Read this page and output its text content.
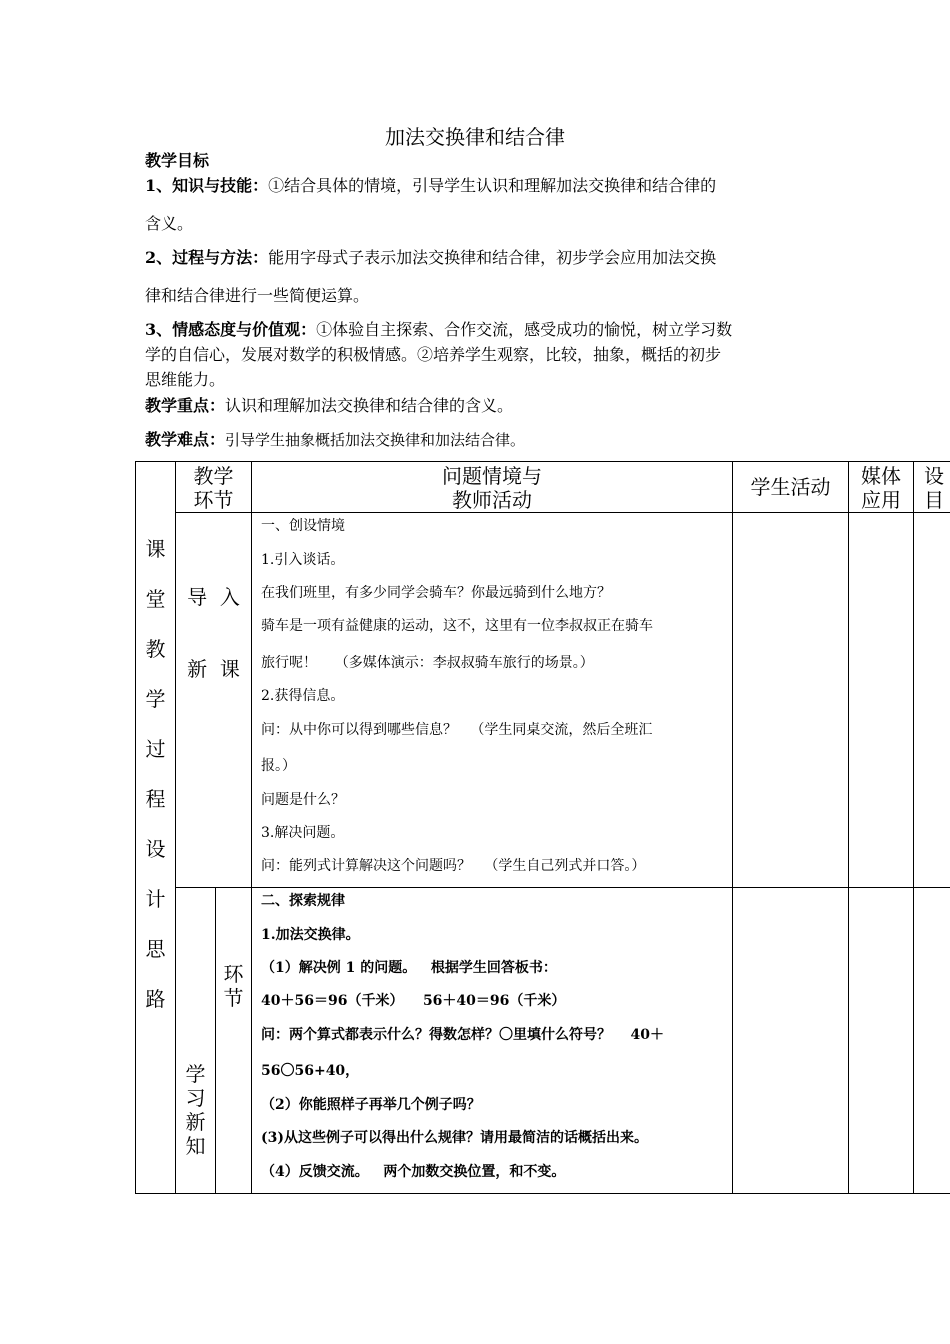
加法交换律和结合律
教学目标
1、知识与技能：①结合具体的情境，引导学生认识和理解加法交换律和结合律的
含义。
2、过程与方法：能用字母式子表示加法交换律和结合律，初步学会应用加法交换
律和结合律进行一些简便运算。
3、情感态度与价值观：①体验自主探索、合作交流，感受成功的愉悦，树立学习数
学的自信心，发展对数学的积极情感。②培养学生观察，比较，抽象，概括的初步
思维能力。
教学重点：认识和理解加法交换律和结合律的含义。
教学难点：引导学生抽象概括加法交换律和加法结合律。
教学
环节
问题情境与
教师活动
学生活动	媒体
应用
设
目
课
堂
教
学
过
程
设
计
思
路

导  入

新  课

一、创设情境
1.引入谈话。
在我们班里，有多少同学会骑车？你最远骑到什么地方？
骑车是一项有益健康的运动，这不，这里有一位李叔叔正在骑车
旅行呢！    （多媒体演示：李叔叔骑车旅行的场景。）
2.获得信息。
问：从中你可以得到哪些信息？   （学生同桌交流，然后全班汇
报。）
问题是什么？
3.解决问题。
问：能列式计算解决这个问题吗？   （学生自己列式并口答。）
学
习
新
知
环
节
二、探索规律
1.加法交换律。
（1）解决例 1 的问题。   根据学生回答板书：
40＋56＝96（千米）    56＋40＝96（千米）
问：两个算式都表示什么？得数怎样？〇里填什么符号？    40＋
56〇56+40，
（2）你能照样子再举几个例子吗？
(3)从这些例子可以得出什么规律？请用最简洁的话概括出来。
（4）反馈交流。   两个加数交换位置，和不变。
